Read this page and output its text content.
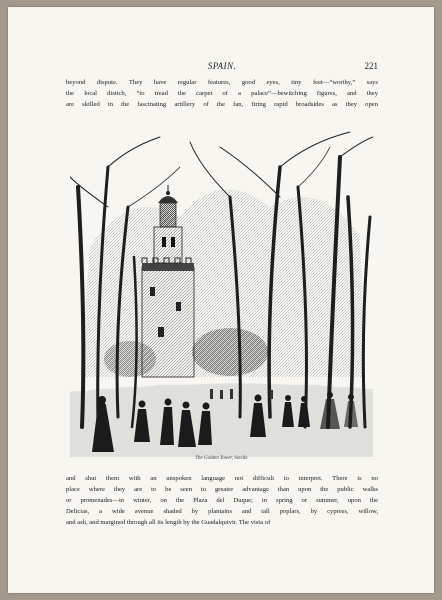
SPAIN.	221
beyond dispute. They have regular features, good eyes, tiny feet—“worthy,” says
the local distich, “to tread the carpet of a palace”—bewitching figures, and they
are skilled in the fascinating artillery of the fan, firing rapid broadsides as they open
The Golden Tower, Seville.
and shut them with an unspoken language not difficult to interpret. There is no
place where they are to be seen to greater advantage than upon the public walks
or promenades—in winter, on the Plaza del Duque; in spring or summer, upon the
Delicias, a wide avenue shaded by plantains and tall poplars, by cypress, willow,
and ash, and margined through all its length by the Guadalquivir. The vista of
